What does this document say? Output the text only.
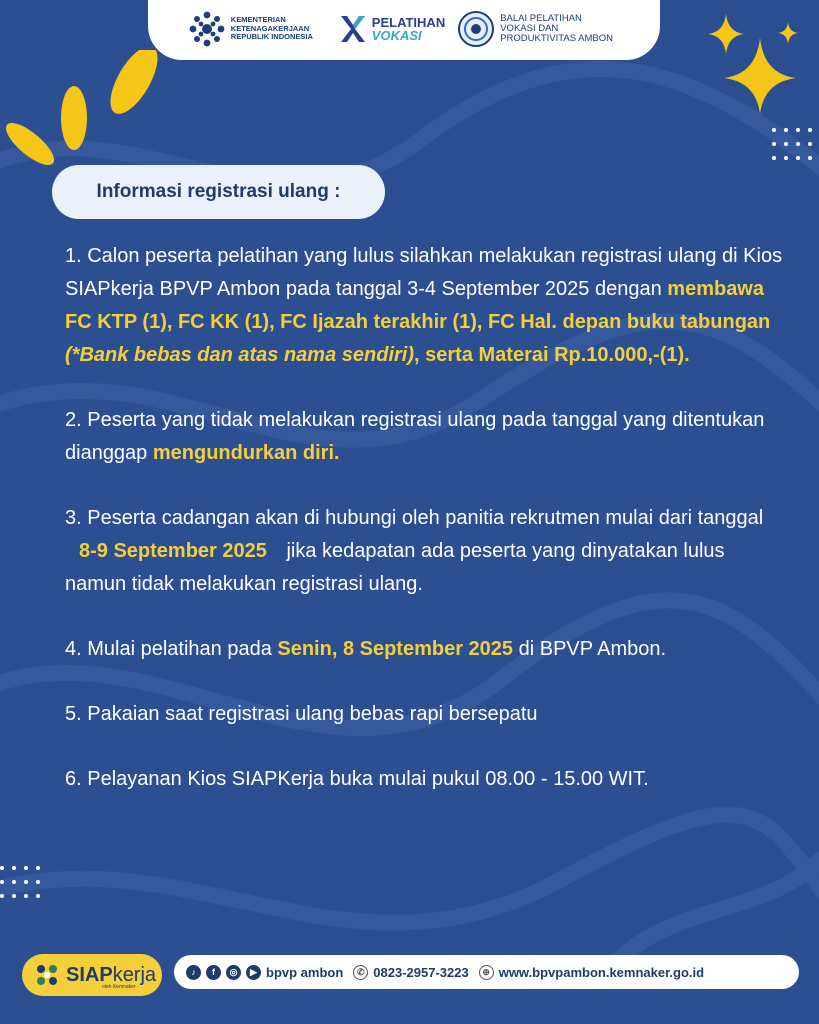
KEMENTERIAN
KETENAGAKERJAAN
REPUBLIK INDONESIA
PELATIHAN
VOKASI
BALAI PELATIHAN
VOKASI DAN
PRODUKTIVITAS AMBON
Informasi registrasi ulang :

1. Calon peserta pelatihan yang lulus silahkan melakukan registrasi ulang di Kios SIAPkerja BPVP Ambon pada tanggal 3-4 September 2025 dengan membawa FC KTP (1), FC KK (1), FC Ijazah terakhir (1), FC Hal. depan buku tabungan (*Bank bebas dan atas nama sendiri), serta Materai Rp.10.000,-(1).

2. Peserta yang tidak melakukan registrasi ulang pada tanggal yang ditentukan dianggap mengundurkan diri.

3. Peserta cadangan akan di hubungi oleh panitia rekrutmen mulai dari tanggal 8-9 September 2025 jika kedapatan ada peserta yang dinyatakan lulus namun tidak melakukan registrasi ulang.

4. Mulai pelatihan pada Senin, 8 September 2025 di BPVP Ambon.

5. Pakaian saat registrasi ulang bebas rapi bersepatu

6. Pelayanan Kios SIAPKerja buka mulai pukul 08.00 - 15.00 WIT.

SIAPkerja
oleh Kemnaker
♪	f	◎	▶ bpvp ambon	✆ 0823-2957-3223	⊕ www.bpvpambon.kemnaker.go.id
